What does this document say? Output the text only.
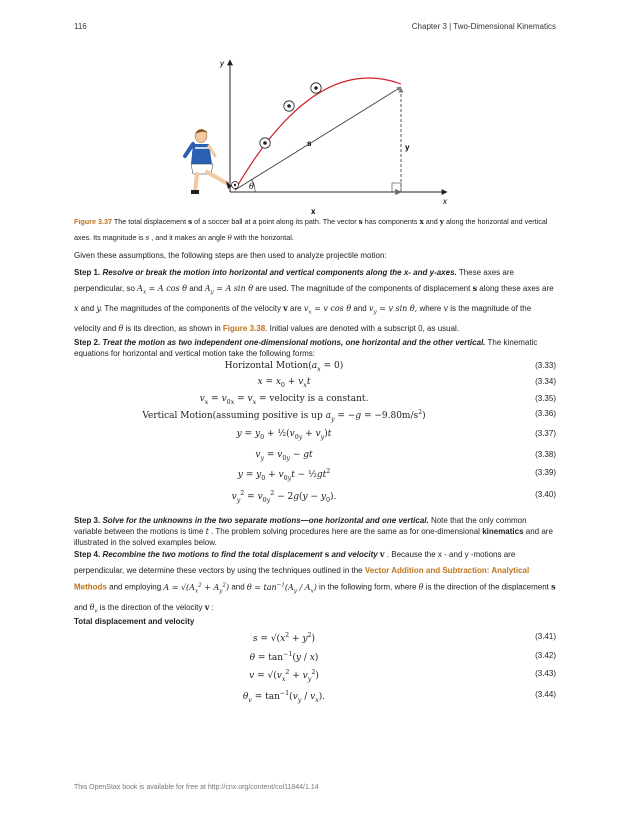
116	Chapter 3 | Two-Dimensional Kinematics
y
x
s
x
y
θ
Figure 3.37 The total displacement s of a soccer ball at a point along its path. The vector s has components x and y along the horizontal and vertical axes. Its magnitude is s , and it makes an angle θ with the horizontal.
Given these assumptions, the following steps are then used to analyze projectile motion:
Step 1. Resolve or break the motion into horizontal and vertical components along the x- and y-axes. These axes are perpendicular, so $A_x = A$ cos θ and $A_y = A$ sin θ are used. The magnitude of the components of displacement s along these axes are x and y. The magnitudes of the components of the velocity v are $v_x = v$ cos θ and $v_y = v$ sin θ, where v is the magnitude of the velocity and θ is its direction, as shown in Figure 3.38. Initial values are denoted with a subscript 0, as usual.
Step 2. Treat the motion as two independent one-dimensional motions, one horizontal and the other vertical. The kinematic equations for horizontal and vertical motion take the following forms:
Horizontal $Motion(a_x = 0)$	(3.33)
$x = x_0 + v_xt$	(3.34)
$v_x = v_{0x} = v_x$ = velocity is a constant.	(3.35)
Vertical Motion(assuming positive is up $a_y = -g = -9.80m/s^2$)	(3.36)
$y = y_0$ + $\frac{1}{2}(v_{0y} + v_y)t$	(3.37)
$v_y = v_{0y}$ − gt	(3.38)
$y = y_0 + v_{0y}t$ − $\frac{1}{2}gt^2$	(3.39)
$v_y^2 = v_{0y}^2 - 2g(y - y_0)$.	(3.40)
Step 3. Solve for the unknowns in the two separate motions—one horizontal and one vertical. Note that the only common variable between the motions is time t . The problem solving procedures here are the same as for one-dimensional kinematics and are illustrated in the solved examples below.
Step 4. Recombine the two motions to find the total displacement s and velocity v . Because the x - and y -motions are perpendicular, we determine these vectors by using the techniques outlined in the Vector Addition and Subtraction: Analytical Methods and employing $A = √(A_x^2 + A_y^2)$ and $\theta = \tan^{-1}(A_y / A_x)$ in the following form, where θ is the direction of the displacement s and $\theta_v$ is the direction of the velocity v :
Total displacement and velocity
$s = √(x^2 + y^2)$	(3.41)
$\theta = \tan^{-1}(y / x)$	(3.42)
$v = √(v_x^2 + v_y^2)$	(3.43)
$\theta_v = \tan^{-1}(v_y / v_x)$.	(3.44)
This OpenStax book is available for free at http://cnx.org/content/col11844/1.14
